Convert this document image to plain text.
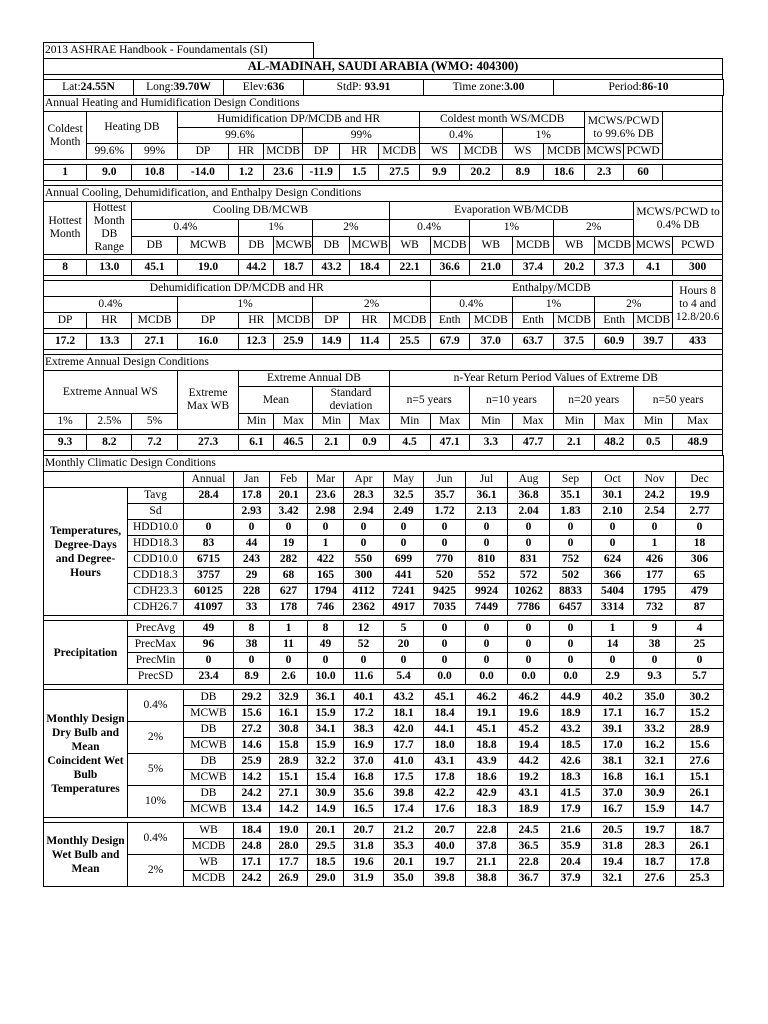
2013 ASHRAE Handbook - Foundamentals (SI)	
AL-MADINAH, SAUDI ARABIA (WMO: 404300)

Lat:24.55N	Long:39.70W	Elev:636	StdP: 93.91	Time zone:3.00	Period:86-10
Annual Heating and Humidification Design Conditions															
Coldest Month	Heating DB		Humidification DP/MCDB and HR						Coldest month WS/MCDB				MCWS/PCWD to 99.6% DB		
			99.6%			99%			0.4%		1%				
	99.6%	99%	DP	HR	MCDB	DP	HR	MCDB	WS	MCDB	WS	MCDB	MCWS	PCWD	

1	9.0	10.8	-14.0	1.2	23.6	-11.9	1.5	27.5	9.9	20.2	8.9	18.6	2.3	60	

Annual Cooling, Dehumidification, and Enthalpy Design Conditions															
Hottest Month	Hottest Month DB Range	Cooling DB/MCWB						Evaporation WB/MCDB						MCWS/PCWD to 0.4% DB	
		0.4%		1%		2%		0.4%		1%		2%			
		DB	MCWB	DB	MCWB	DB	MCWB	WB	MCDB	WB	MCDB	WB	MCDB	MCWS	PCWD

8	13.0	45.1	19.0	44.2	18.7	43.2	18.4	22.1	36.6	21.0	37.4	20.2	37.3	4.1	300

Dehumidification DP/MCDB and HR									Enthalpy/MCDB						Hours 8 to 4 and 12.8/20.6
0.4%			1%			2%			0.4%		1%		2%		
DP	HR	MCDB	DP	HR	MCDB	DP	HR	MCDB	Enth	MCDB	Enth	MCDB	Enth	MCDB	

17.2	13.3	27.1	16.0	12.3	25.9	14.9	11.4	25.5	67.9	37.0	63.7	37.5	60.9	39.7	433

Extreme Annual Design Conditions															
Extreme Annual WS			Extreme Max WB	Extreme Annual DB				n-Year Return Period Values of Extreme DB							
				Mean		Standard deviation		n=5 years		n=10 years		n=20 years		n=50 years	
1%	2.5%	5%		Min	Max	Min	Max	Min	Max	Min	Max	Min	Max	Min	Max

9.3	8.2	7.2	27.3	6.1	46.5	2.1	0.9	4.5	47.1	3.3	47.7	2.1	48.2	0.5	48.9

Monthly Climatic Design Conditions														
		Annual	Jan	Feb	Mar	Apr	May	Jun	Jul	Aug	Sep	Oct	Nov	Dec
Temperatures, Degree-Days and Degree-Hours	Tavg	28.4	17.8	20.1	23.6	28.3	32.5	35.7	36.1	36.8	35.1	30.1	24.2	19.9
	Sd		2.93	3.42	2.98	2.94	2.49	1.72	2.13	2.04	1.83	2.10	2.54	2.77
	HDD10.0	0	0	0	0	0	0	0	0	0	0	0	0	0
	HDD18.3	83	44	19	1	0	0	0	0	0	0	0	1	18
	CDD10.0	6715	243	282	422	550	699	770	810	831	752	624	426	306
	CDD18.3	3757	29	68	165	300	441	520	552	572	502	366	177	65
	CDH23.3	60125	228	627	1794	4112	7241	9425	9924	10262	8833	5404	1795	479
	CDH26.7	41097	33	178	746	2362	4917	7035	7449	7786	6457	3314	732	87

Precipitation	PrecAvg	49	8	1	8	12	5	0	0	0	0	1	9	4
	PrecMax	96	38	11	49	52	20	0	0	0	0	14	38	25
	PrecMin	0	0	0	0	0	0	0	0	0	0	0	0	0
	PrecSD	23.4	8.9	2.6	10.0	11.6	5.4	0.0	0.0	0.0	0.0	2.9	9.3	5.7

Monthly Design Dry Bulb and Mean Coincident Wet Bulb Temperatures	0.4%	DB	29.2	32.9	36.1	40.1	43.2	45.1	46.2	46.2	44.9	40.2	35.0	30.2
		MCWB	15.6	16.1	15.9	17.2	18.1	18.4	19.1	19.6	18.9	17.1	16.7	15.2
	2%	DB	27.2	30.8	34.1	38.3	42.0	44.1	45.1	45.2	43.2	39.1	33.2	28.9
		MCWB	14.6	15.8	15.9	16.9	17.7	18.0	18.8	19.4	18.5	17.0	16.2	15.6
	5%	DB	25.9	28.9	32.2	37.0	41.0	43.1	43.9	44.2	42.6	38.1	32.1	27.6
		MCWB	14.2	15.1	15.4	16.8	17.5	17.8	18.6	19.2	18.3	16.8	16.1	15.1
	10%	DB	24.2	27.1	30.9	35.6	39.8	42.2	42.9	43.1	41.5	37.0	30.9	26.1
		MCWB	13.4	14.2	14.9	16.5	17.4	17.6	18.3	18.9	17.9	16.7	15.9	14.7

Monthly Design Wet Bulb and Mean	0.4%	WB	18.4	19.0	20.1	20.7	21.2	20.7	22.8	24.5	21.6	20.5	19.7	18.7
		MCDB	24.8	28.0	29.5	31.8	35.3	40.0	37.8	36.5	35.9	31.8	28.3	26.1
	2%	WB	17.1	17.7	18.5	19.6	20.1	19.7	21.1	22.8	20.4	19.4	18.7	17.8
		MCDB	24.2	26.9	29.0	31.9	35.0	39.8	38.8	36.7	37.9	32.1	27.6	25.3
